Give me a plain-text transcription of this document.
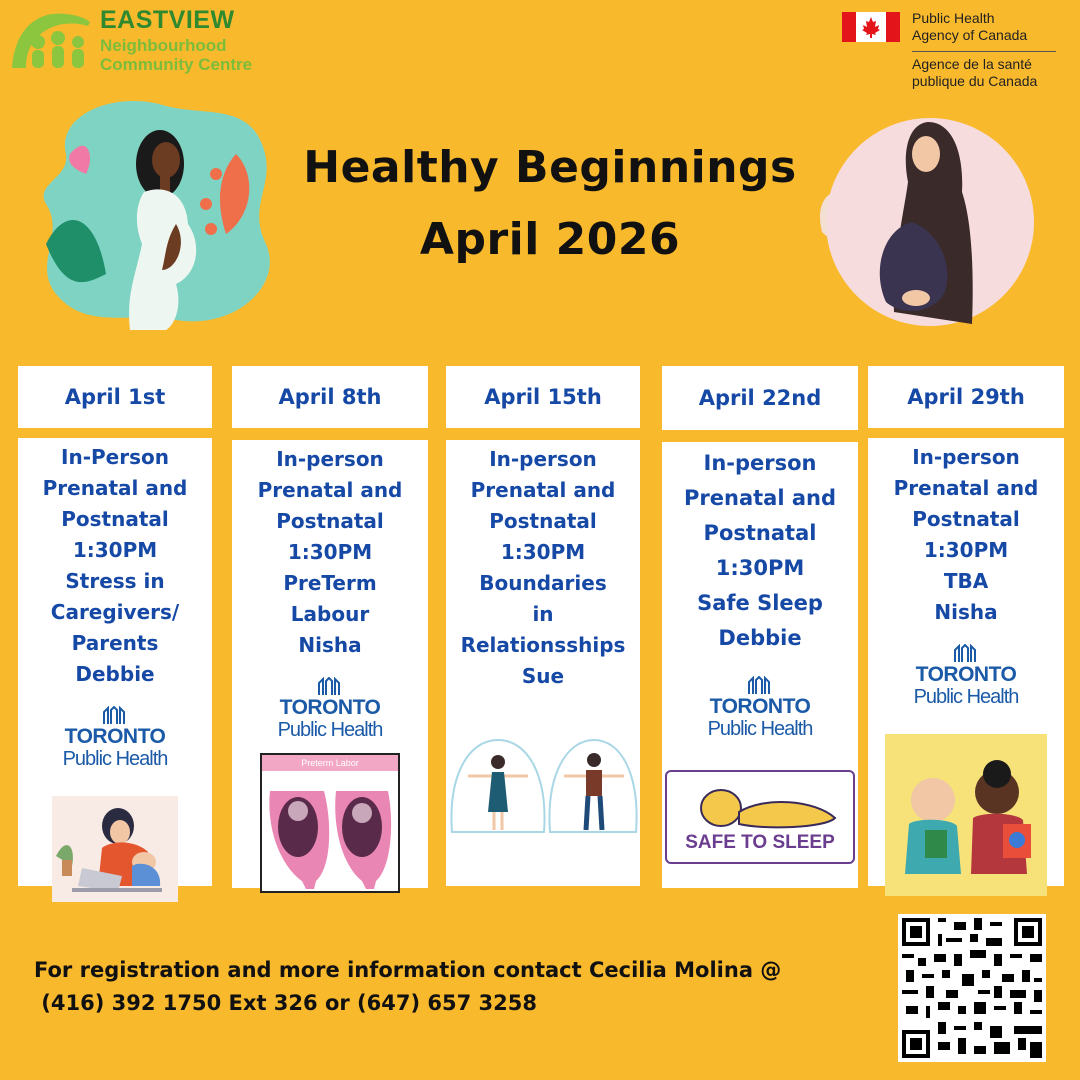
EASTVIEW
Neighbourhood
Community Centre
Public Health
Agency of Canada
Agence de la santé
publique du Canada
Healthy Beginnings
April 2026
April 1st
In-Person
Prenatal and
Postnatal
1:30PM
Stress in
Caregivers/
Parents
Debbie
TORONTO
Public Health
April 8th
In-person
Prenatal and
Postnatal
1:30PM
PreTerm
Labour
Nisha
TORONTO
Public Health
Preterm Labor
April 15th
In-person
Prenatal and
Postnatal
1:30PM
Boundaries
in
Relationsships
Sue
April 22nd
In-person
Prenatal and
Postnatal
1:30PM
Safe Sleep
Debbie
TORONTO
Public Health
SAFE TO SLEEP
April 29th
In-person
Prenatal and
Postnatal
1:30PM
TBA
Nisha
TORONTO
Public Health
For registration and more information contact Cecilia Molina @
(416) 392 1750 Ext 326 or (647) 657 3258
